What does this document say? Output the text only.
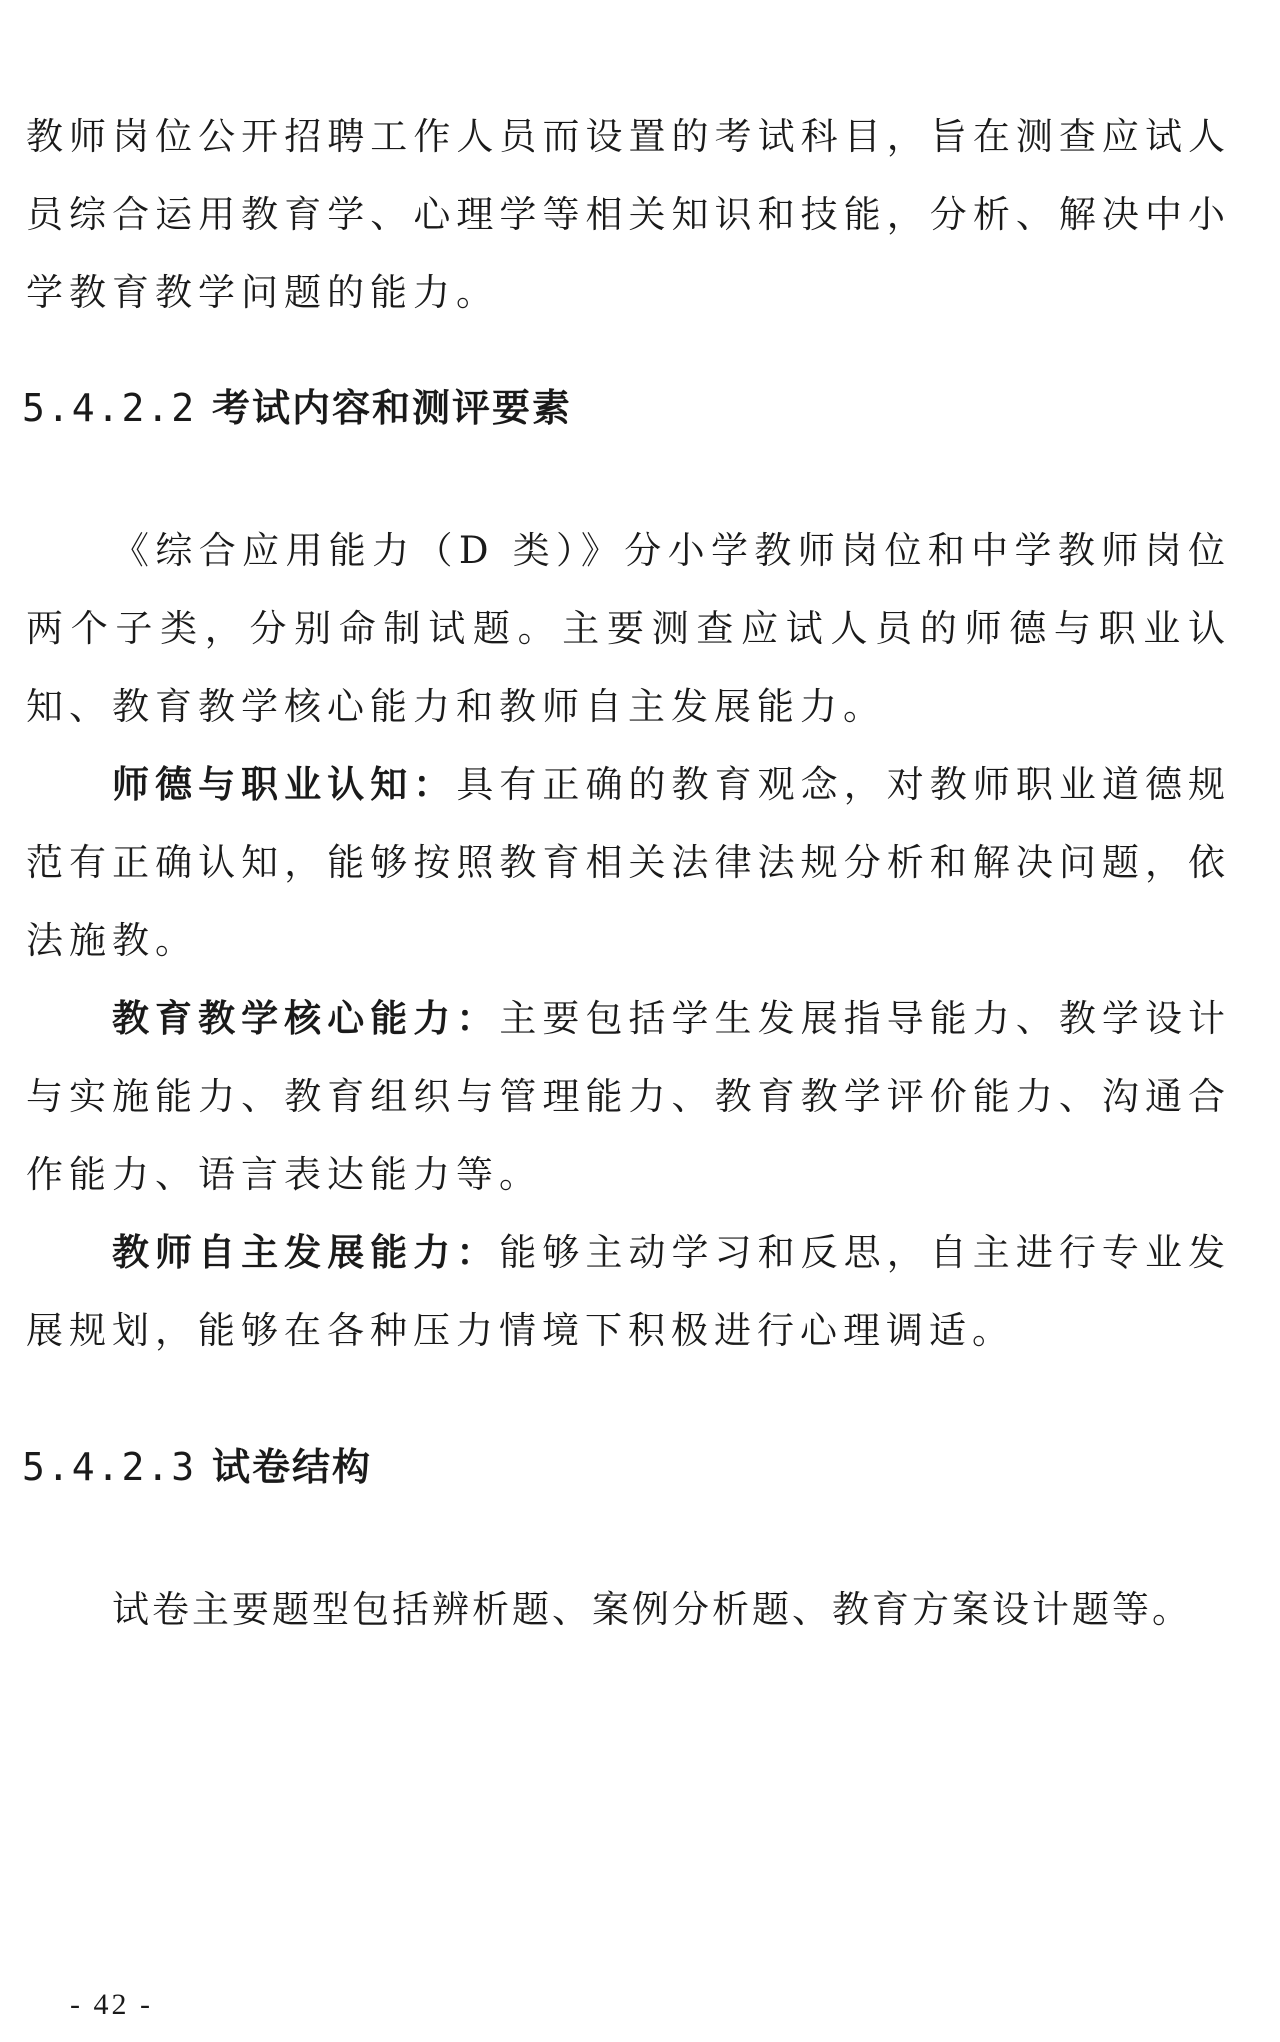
教师岗位公开招聘工作人员而设置的考试科目，旨在测查应试人员综合运用教育学、心理学等相关知识和技能，分析、解决中小学教育教学问题的能力。

5.4.2.2 考试内容和测评要素

《综合应用能力（D 类）》分小学教师岗位和中学教师岗位两个子类，分别命制试题。主要测查应试人员的师德与职业认知、教育教学核心能力和教师自主发展能力。

师德与职业认知：具有正确的教育观念，对教师职业道德规范有正确认知，能够按照教育相关法律法规分析和解决问题，依法施教。

教育教学核心能力：主要包括学生发展指导能力、教学设计与实施能力、教育组织与管理能力、教育教学评价能力、沟通合作能力、语言表达能力等。

教师自主发展能力：能够主动学习和反思，自主进行专业发展规划，能够在各种压力情境下积极进行心理调适。

5.4.2.3 试卷结构

试卷主要题型包括辨析题、案例分析题、教育方案设计题等。

- 42 -
